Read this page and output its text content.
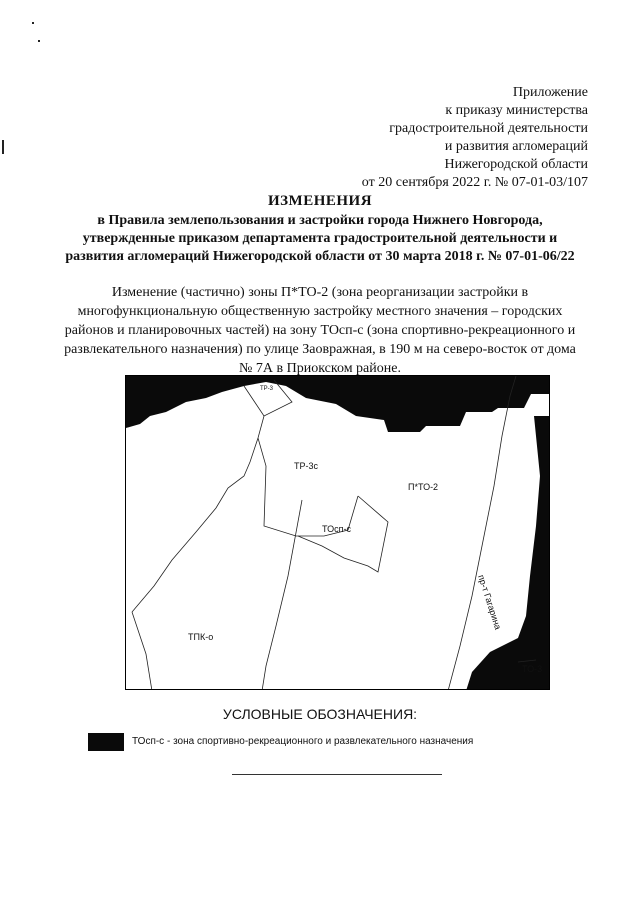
Приложение
к приказу министерства
градостроительной деятельности
и развития агломераций
Нижегородской области
от 20 сентября 2022 г. № 07-01-03/107
ИЗМЕНЕНИЯ
в Правила землепользования и застройки города Нижнего Новгорода,
утвержденные приказом департамента градостроительной деятельности и
развития агломераций Нижегородской области от 30 марта 2018 г. № 07-01-06/22
Изменение (частично) зоны П*ТО-2 (зона реорганизации застройки в
многофункциональную общественную застройку местного значения – городских
районов и планировочных частей) на зону ТОсп-с (зона спортивно-рекреационного и
развлекательного назначения) по улице Заовражная, в 190 м на северо-восток от дома
№ 7А в Приокском районе.
ТР-3с
П*ТО-2
ТОсп-с
ТПК-о
ТО-3
ТР-3
пр-т Гагарина
УСЛОВНЫЕ ОБОЗНАЧЕНИЯ:
ТОсп-с - зона спортивно-рекреационного и развлекательного назначения
